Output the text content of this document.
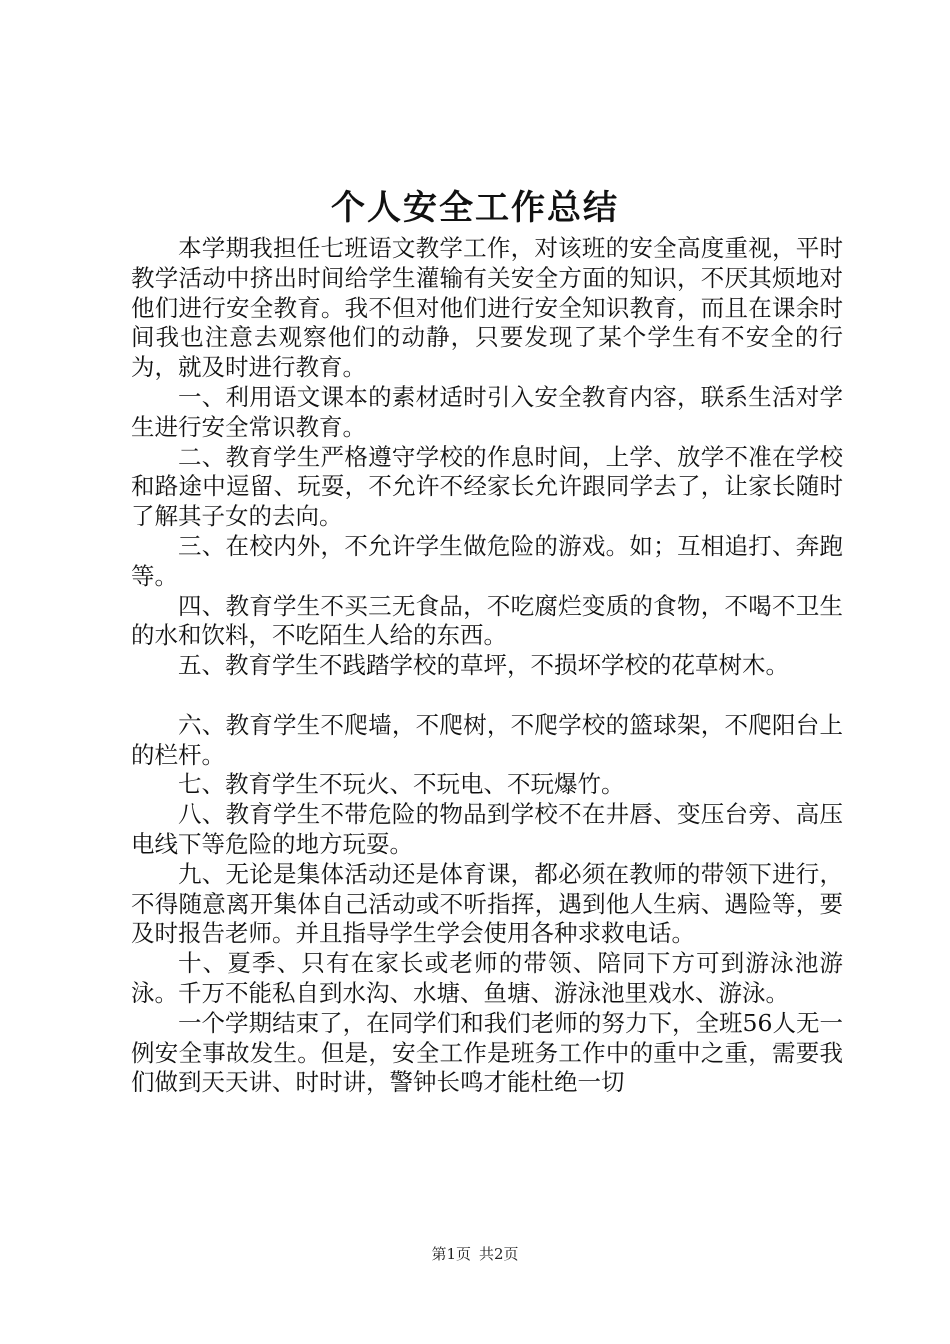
个人安全工作总结

本学期我担任七班语文教学工作，对该班的安全高度重视，平时教学活动中挤出时间给学生灌输有关安全方面的知识，不厌其烦地对他们进行安全教育。我不但对他们进行安全知识教育，而且在课余时间我也注意去观察他们的动静，只要发现了某个学生有不安全的行为，就及时进行教育。

一、利用语文课本的素材适时引入安全教育内容，联系生活对学生进行安全常识教育。

二、教育学生严格遵守学校的作息时间，上学、放学不准在学校和路途中逗留、玩耍，不允许不经家长允许跟同学去了，让家长随时了解其子女的去向。

三、在校内外，不允许学生做危险的游戏。如；互相追打、奔跑等。

四、教育学生不买三无食品，不吃腐烂变质的食物，不喝不卫生的水和饮料，不吃陌生人给的东西。

五、教育学生不践踏学校的草坪，不损坏学校的花草树木。

六、教育学生不爬墙，不爬树，不爬学校的篮球架，不爬阳台上的栏杆。

七、教育学生不玩火、不玩电、不玩爆竹。

八、教育学生不带危险的物品到学校不在井唇、变压台旁、高压电线下等危险的地方玩耍。

九、无论是集体活动还是体育课，都必须在教师的带领下进行，不得随意离开集体自己活动或不听指挥，遇到他人生病、遇险等，要及时报告老师。并且指导学生学会使用各种求救电话。

十、夏季、只有在家长或老师的带领、陪同下方可到游泳池游泳。千万不能私自到水沟、水塘、鱼塘、游泳池里戏水、游泳。

一个学期结束了，在同学们和我们老师的努力下，全班56人无一例安全事故发生。但是，安全工作是班务工作中的重中之重，需要我们做到天天讲、时时讲，警钟长鸣才能杜绝一切

第1页 共2页
